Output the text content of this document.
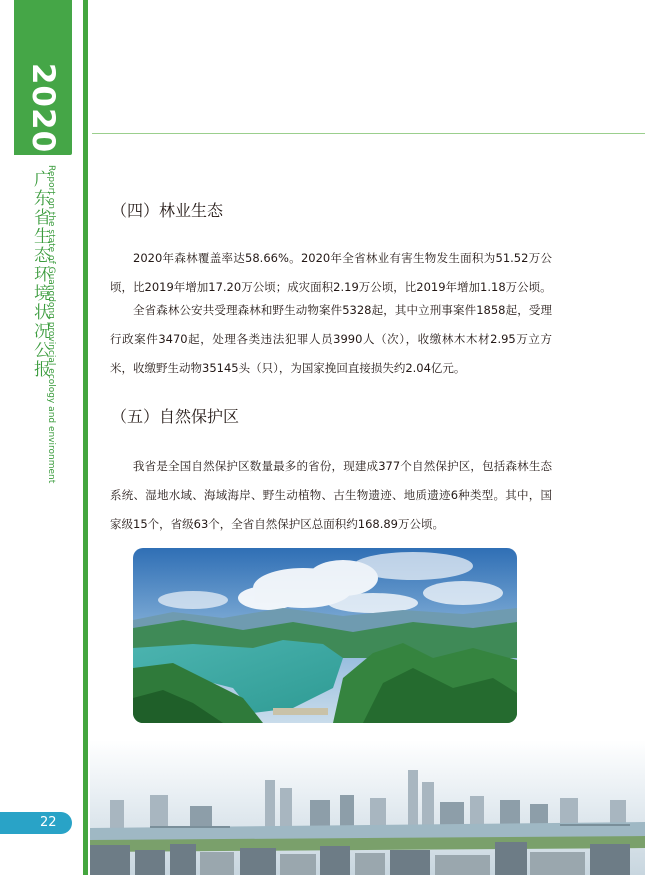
2020
广东省生态环境状况公报
Report on the state of Guangdong provincial ecology and environment	（四）林业生态

2020年森林覆盖率达58.66%。2020年全省林业有害生物发生面积为51.52万公顷，比2019年增加17.20万公顷；成灾面积2.19万公顷，比2019年增加1.18万公顷。

全省森林公安共受理森林和野生动物案件5328起，其中立刑事案件1858起，受理行政案件3470起，处理各类违法犯罪人员3990人（次），收缴林木木材2.95万立方米，收缴野生动物35145头（只），为国家挽回直接损失约2.04亿元。

（五）自然保护区

我省是全国自然保护区数量最多的省份，现建成377个自然保护区，包括森林生态系统、湿地水域、海域海岸、野生动植物、古生物遗迹、地质遗迹6种类型。其中，国家级15个，省级63个，全省自然保护区总面积约168.89万公顷。

22
